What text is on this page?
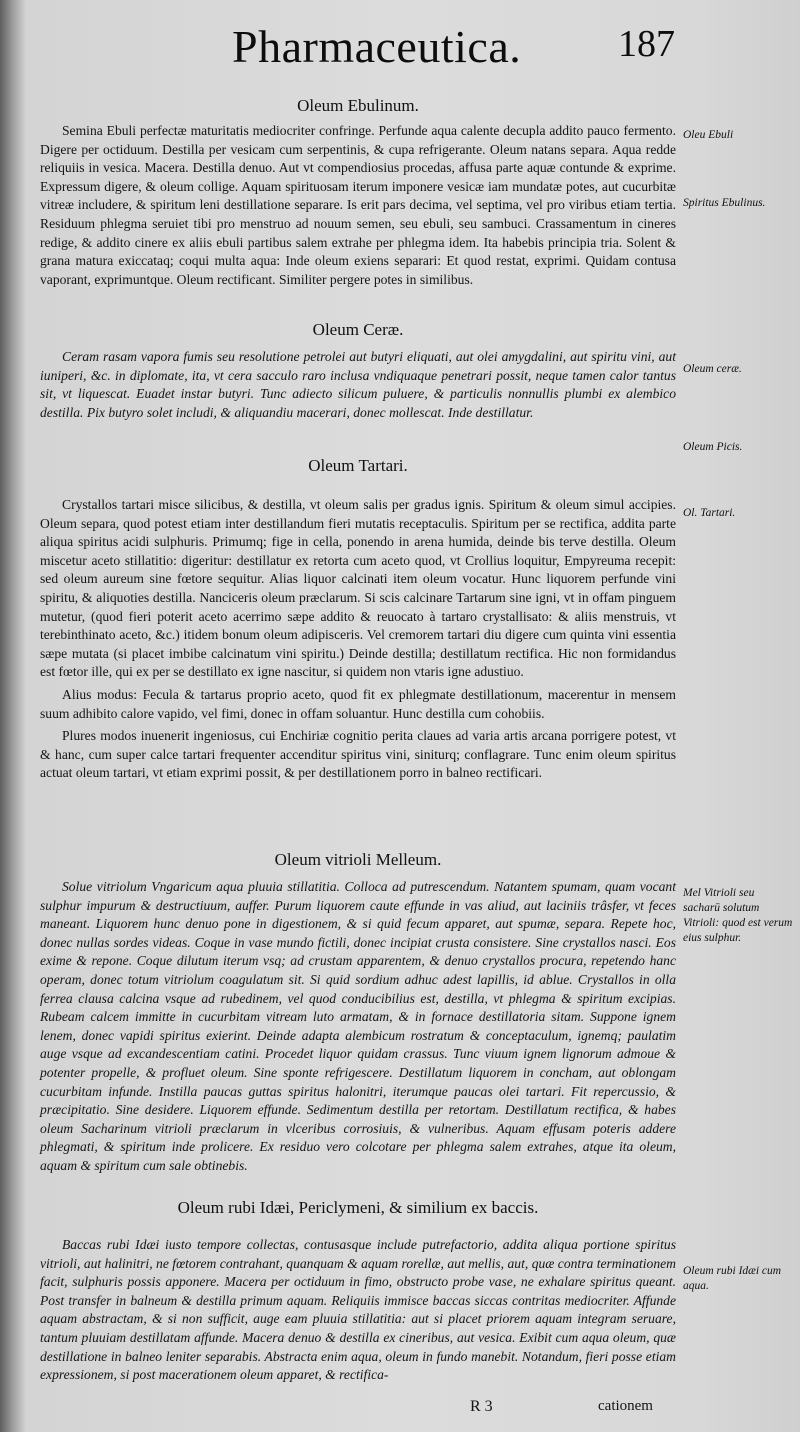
Pharmaceutica.	187
Oleum Ebulinum.

Semina Ebuli perfectæ maturitatis mediocriter confringe. Perfunde aqua calente decupla addito pauco fermento. Digere per octiduum. Destilla per vesicam cum serpentinis, & cupa refrigerante. Oleum natans separa. Aqua redde reliquiis in vesica. Macera. Destilla denuo. Aut vt compendiosius procedas, affusa parte aquæ contunde & exprime. Expressum digere, & oleum collige. Aquam spirituosam iterum imponere vesicæ iam mundatæ potes, aut cucurbitæ vitreæ includere, & spiritum leni destillatione separare. Is erit pars decima, vel septima, vel pro viribus etiam tertia. Residuum phlegma seruiet tibi pro menstruo ad nouum semen, seu ebuli, seu sambuci. Crassamentum in cineres redige, & addito cinere ex aliis ebuli partibus salem extrahe per phlegma idem. Ita habebis principia tria. Solent & grana matura exiccataq; coqui multa aqua: Inde oleum exiens separari: Et quod restat, exprimi. Quidam contusa vaporant, exprimuntque. Oleum rectificant. Similiter pergere potes in similibus.

Oleum Ceræ.

Ceram rasam vapora fumis seu resolutione petrolei aut butyri eliquati, aut olei amygdalini, aut spiritu vini, aut iuniperi, &c. in diplomate, ita, vt cera sacculo raro inclusa vndiquaque penetrari possit, neque tamen calor tantus sit, vt liquescat. Euadet instar butyri. Tunc adiecto silicum puluere, & particulis nonnullis plumbi ex alembico destilla. Pix butyro solet includi, & aliquandiu macerari, donec mollescat. Inde destillatur.

Oleum Tartari.

Crystallos tartari misce silicibus, & destilla, vt oleum salis per gradus ignis. Spiritum & oleum simul accipies. Oleum separa, quod potest etiam inter destillandum fieri mutatis receptaculis. Spiritum per se rectifica, addita parte aliqua spiritus acidi sulphuris. Primumq; fige in cella, ponendo in arena humida, deinde bis terve destilla. Oleum miscetur aceto stillatitio: digeritur: destillatur ex retorta cum aceto quod, vt Crollius loquitur, Empyreuma recepit: sed oleum aureum sine fœtore sequitur. Alias liquor calcinati item oleum vocatur. Hunc liquorem perfunde vini spiritu, & aliquoties destilla. Nanciceris oleum præclarum. Si scis calcinare Tartarum sine igni, vt in offam pinguem mutetur, (quod fieri poterit aceto acerrimo sæpe addito & reuocato à tartaro crystallisato: & aliis menstruis, vt terebinthinato aceto, &c.) itidem bonum oleum adipisceris. Vel cremorem tartari diu digere cum quinta vini essentia sæpe mutata (si placet imbibe calcinatum vini spiritu.) Deinde destilla; destillatum rectifica. Hic non formidandus est fœtor ille, qui ex per se destillato ex igne nascitur, si quidem non vtaris igne adustiuo.

Alius modus: Fecula & tartarus proprio aceto, quod fit ex phlegmate destillationum, macerentur in mensem suum adhibito calore vapido, vel fimi, donec in offam soluantur. Hunc destilla cum cohobiis.

Plures modos inuenerit ingeniosus, cui Enchiriæ cognitio perita claues ad varia artis arcana porrigere potest, vt & hanc, cum super calce tartari frequenter accenditur spiritus vini, siniturq; conflagrare. Tunc enim oleum spiritus actuat oleum tartari, vt etiam exprimi possit, & per destillationem porro in balneo rectificari.

Oleum vitrioli Melleum.

Solue vitriolum Vngaricum aqua pluuia stillatitia. Colloca ad putrescendum. Natantem spumam, quam vocant sulphur impurum & destructiuum, auffer. Purum liquorem caute effunde in vas aliud, aut laciniis trâsfer, vt feces maneant. Liquorem hunc denuo pone in digestionem, & si quid fecum apparet, aut spumæ, separa. Repete hoc, donec nullas sordes videas. Coque in vase mundo fictili, donec incipiat crusta consistere. Sine crystallos nasci. Eos exime & repone. Coque dilutum iterum vsq; ad crustam apparentem, & denuo crystallos procura, repetendo hanc operam, donec totum vitriolum coagulatum sit. Si quid sordium adhuc adest lapillis, id ablue. Crystallos in olla ferrea clausa calcina vsque ad rubedinem, vel quod conducibilius est, destilla, vt phlegma & spiritum excipias. Rubeam calcem immitte in cucurbitam vitream luto armatam, & in fornace destillatoria sitam. Suppone ignem lenem, donec vapidi spiritus exierint. Deinde adapta alembicum rostratum & conceptaculum, ignemq; paulatim auge vsque ad excandescentiam catini. Procedet liquor quidam crassus. Tunc viuum ignem lignorum admoue & potenter propelle, & profluet oleum. Sine sponte refrigescere. Destillatum liquorem in concham, aut oblongam cucurbitam infunde. Instilla paucas guttas spiritus halonitri, iterumque paucas olei tartari. Fit repercussio, & præcipitatio. Sine desidere. Liquorem effunde. Sedimentum destilla per retortam. Destillatum rectifica, & habes oleum Sacharinum vitrioli præclarum in vlceribus corrosiuis, & vulneribus. Aquam effusam poteris addere phlegmati, & spiritum inde prolicere. Ex residuo vero colcotare per phlegma salem extrahes, atque ita oleum, aquam & spiritum cum sale obtinebis.

Oleum rubi Idæi, Periclymeni, & similium ex baccis.

Baccas rubi Idæi iusto tempore collectas, contusasque include putrefactorio, addita aliqua portione spiritus vitrioli, aut halinitri, ne fœtorem contrahant, quanquam & aquam rorellæ, aut mellis, aut, quæ contra terminationem facit, sulphuris possis apponere. Macera per octiduum in fimo, obstructo probe vase, ne exhalare spiritus queant. Post transfer in balneum & destilla primum aquam. Reliquiis immisce baccas siccas contritas mediocriter. Affunde aquam abstractam, & si non sufficit, auge eam pluuia stillatitia: aut si placet priorem aquam integram seruare, tantum pluuiam destillatam affunde. Macera denuo & destilla ex cineribus, aut vesica. Exibit cum aqua oleum, quæ destillatione in balneo leniter separabis. Abstracta enim aqua, oleum in fundo manebit. Notandum, fieri posse etiam expressionem, si post macerationem oleum apparet, & rectifica-

Oleu Ebuli
Spiritus Ebulinus.
Oleum ceræ.
Oleum Picis.
Ol. Tartari.
Mel Vitrioli seu sacharū solutum Vitrioli: quod est verum eius sulphur.
Oleum rubi Idæi cum aqua.
R 3	cationem
